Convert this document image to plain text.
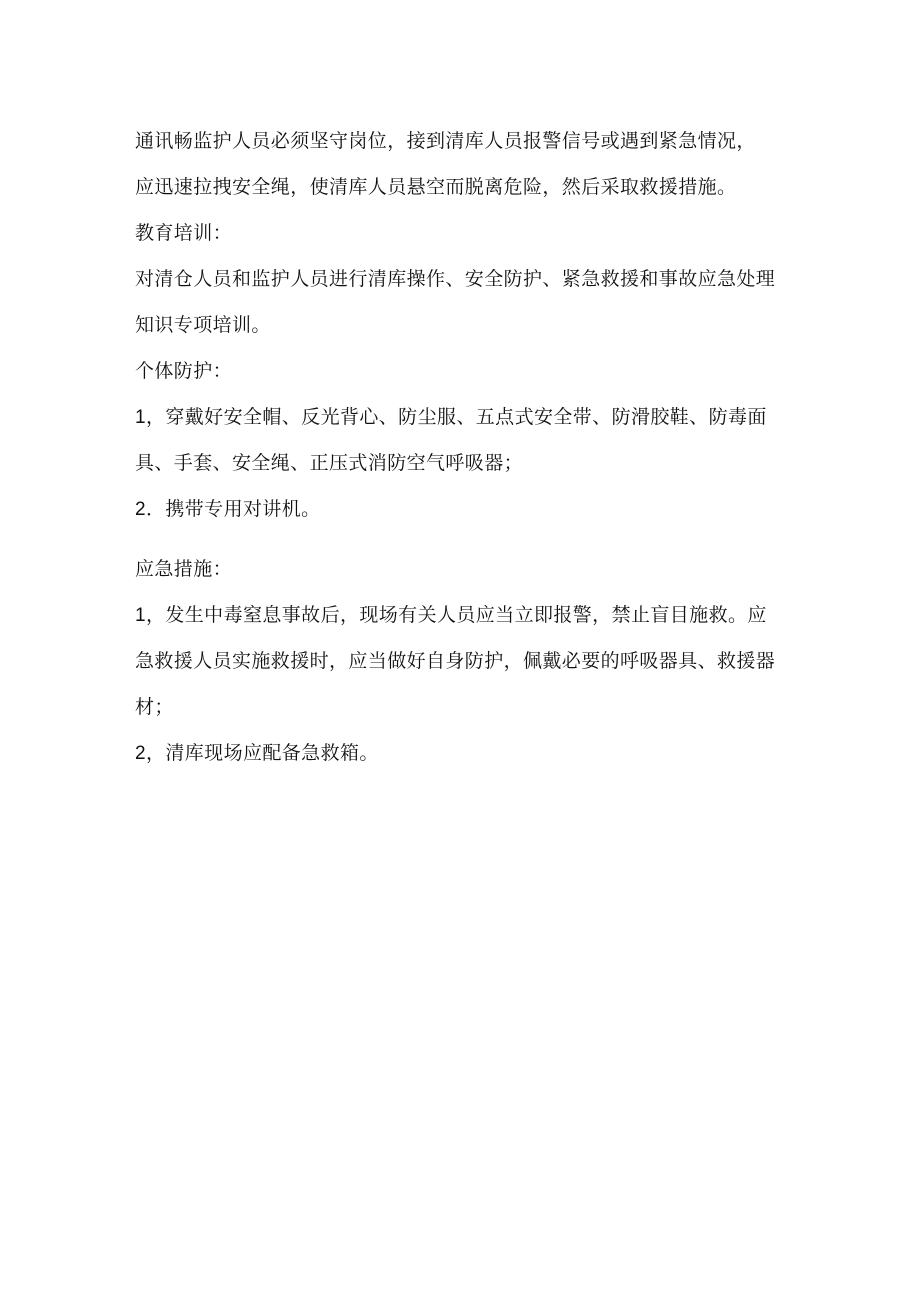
通讯畅监护人员必须坚守岗位，接到清库人员报警信号或遇到紧急情况，
应迅速拉拽安全绳，使清库人员悬空而脱离危险，然后采取救援措施。
教育培训：
对清仓人员和监护人员进行清库操作、安全防护、紧急救援和事故应急处理
知识专项培训。
个体防护：
1，穿戴好安全帽、反光背心、防尘服、五点式安全带、防滑胶鞋、防毒面
具、手套、安全绳、正压式消防空气呼吸器；
2．携带专用对讲机。
应急措施：
1，发生中毒窒息事故后，现场有关人员应当立即报警，禁止盲目施救。应
急救援人员实施救援时，应当做好自身防护，佩戴必要的呼吸器具、救援器
材；
2，清库现场应配备急救箱。
